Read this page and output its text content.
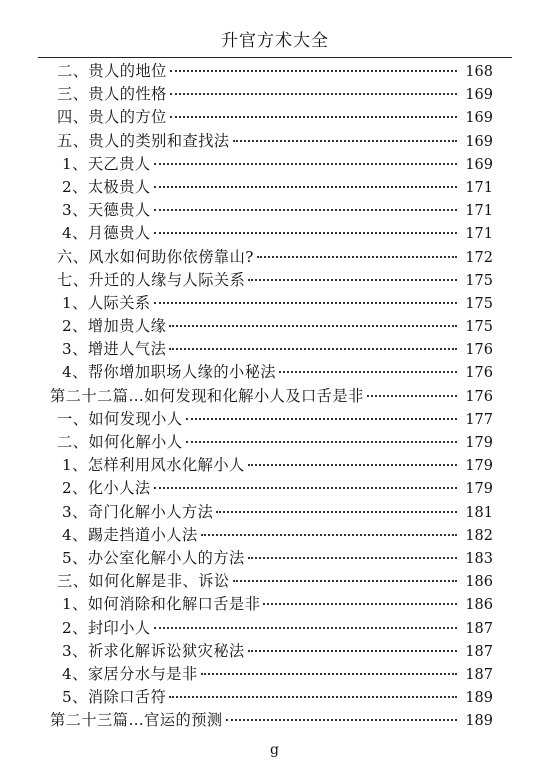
升官方术大全
二、贵人的地位	168
三、贵人的性格	169
四、贵人的方位	169
五、贵人的类别和查找法	169
1、天乙贵人	169
2、太极贵人	171
3、天德贵人	171
4、月德贵人	171
六、风水如何助你依傍靠山?	172
七、升迁的人缘与人际关系	175
1、人际关系	175
2、增加贵人缘	175
3、增进人气法	176
4、帮你增加职场人缘的小秘法	176
第二十二篇…如何发现和化解小人及口舌是非	176
一、如何发现小人	177
二、如何化解小人	179
1、怎样利用风水化解小人	179
2、化小人法	179
3、奇门化解小人方法	181
4、踢走挡道小人法	182
5、办公室化解小人的方法	183
三、如何化解是非、诉讼	186
1、如何消除和化解口舌是非	186
2、封印小人	187
3、祈求化解诉讼狱灾秘法	187
4、家居分水与是非	187
5、消除口舌符	189
第二十三篇…官运的预测	189
g
